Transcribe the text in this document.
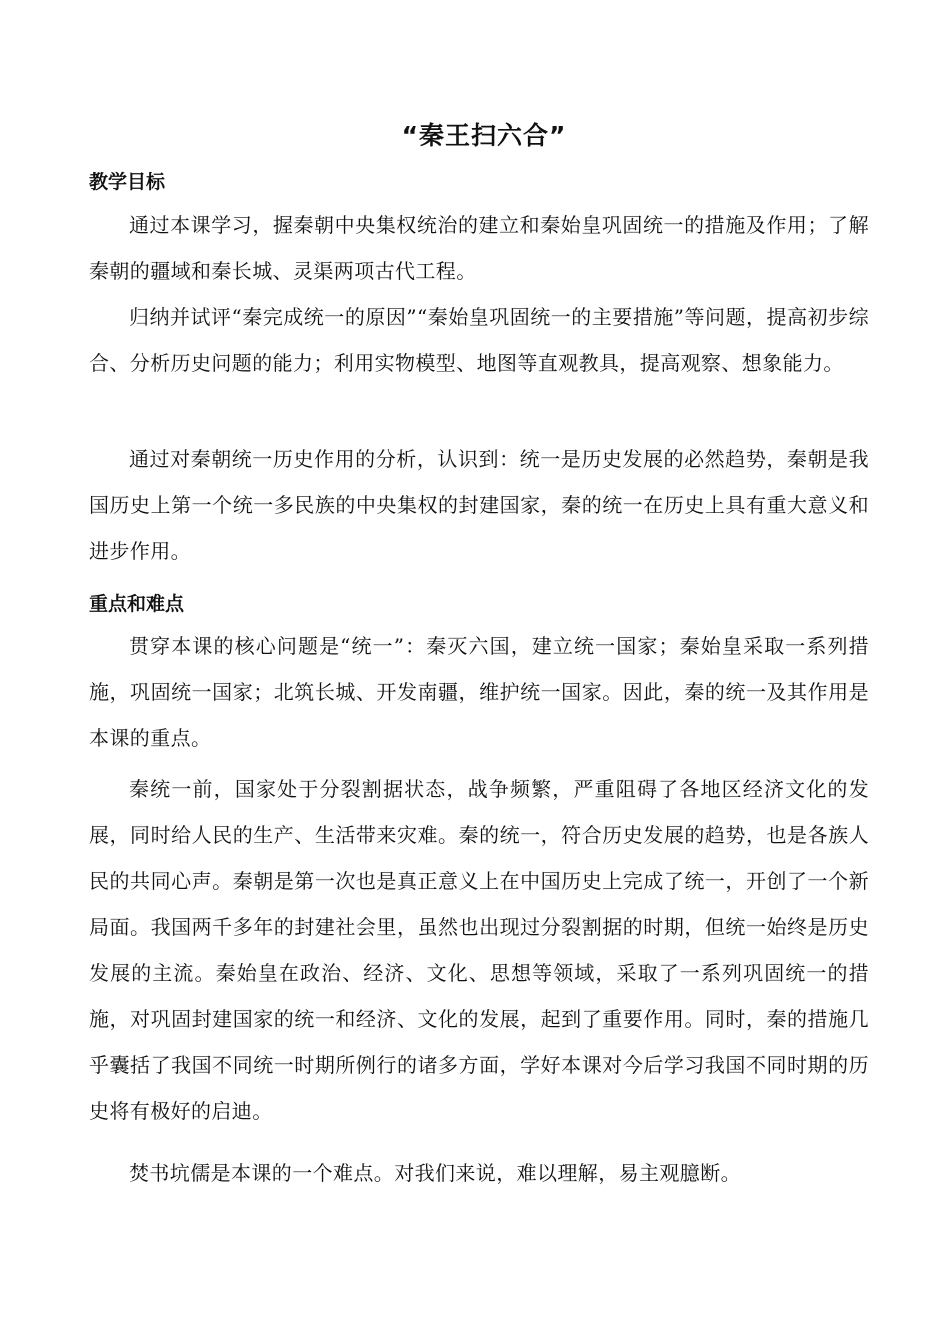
“秦王扫六合”
教学目标

通过本课学习，握秦朝中央集权统治的建立和秦始皇巩固统一的措施及作用；了解秦朝的疆域和秦长城、灵渠两项古代工程。

归纳并试评“秦完成统一的原因”“秦始皇巩固统一的主要措施”等问题，提高初步综合、分析历史问题的能力；利用实物模型、地图等直观教具，提高观察、想象能力。

通过对秦朝统一历史作用的分析，认识到：统一是历史发展的必然趋势，秦朝是我国历史上第一个统一多民族的中央集权的封建国家，秦的统一在历史上具有重大意义和进步作用。

重点和难点

贯穿本课的核心问题是“统一”：秦灭六国，建立统一国家；秦始皇采取一系列措施，巩固统一国家；北筑长城、开发南疆，维护统一国家。因此，秦的统一及其作用是本课的重点。

秦统一前，国家处于分裂割据状态，战争频繁，严重阻碍了各地区经济文化的发展，同时给人民的生产、生活带来灾难。秦的统一，符合历史发展的趋势，也是各族人民的共同心声。秦朝是第一次也是真正意义上在中国历史上完成了统一，开创了一个新局面。我国两千多年的封建社会里，虽然也出现过分裂割据的时期，但统一始终是历史发展的主流。秦始皇在政治、经济、文化、思想等领域，采取了一系列巩固统一的措施，对巩固封建国家的统一和经济、文化的发展，起到了重要作用。同时，秦的措施几乎囊括了我国不同统一时期所例行的诸多方面，学好本课对今后学习我国不同时期的历史将有极好的启迪。

焚书坑儒是本课的一个难点。对我们来说，难以理解，易主观臆断。
